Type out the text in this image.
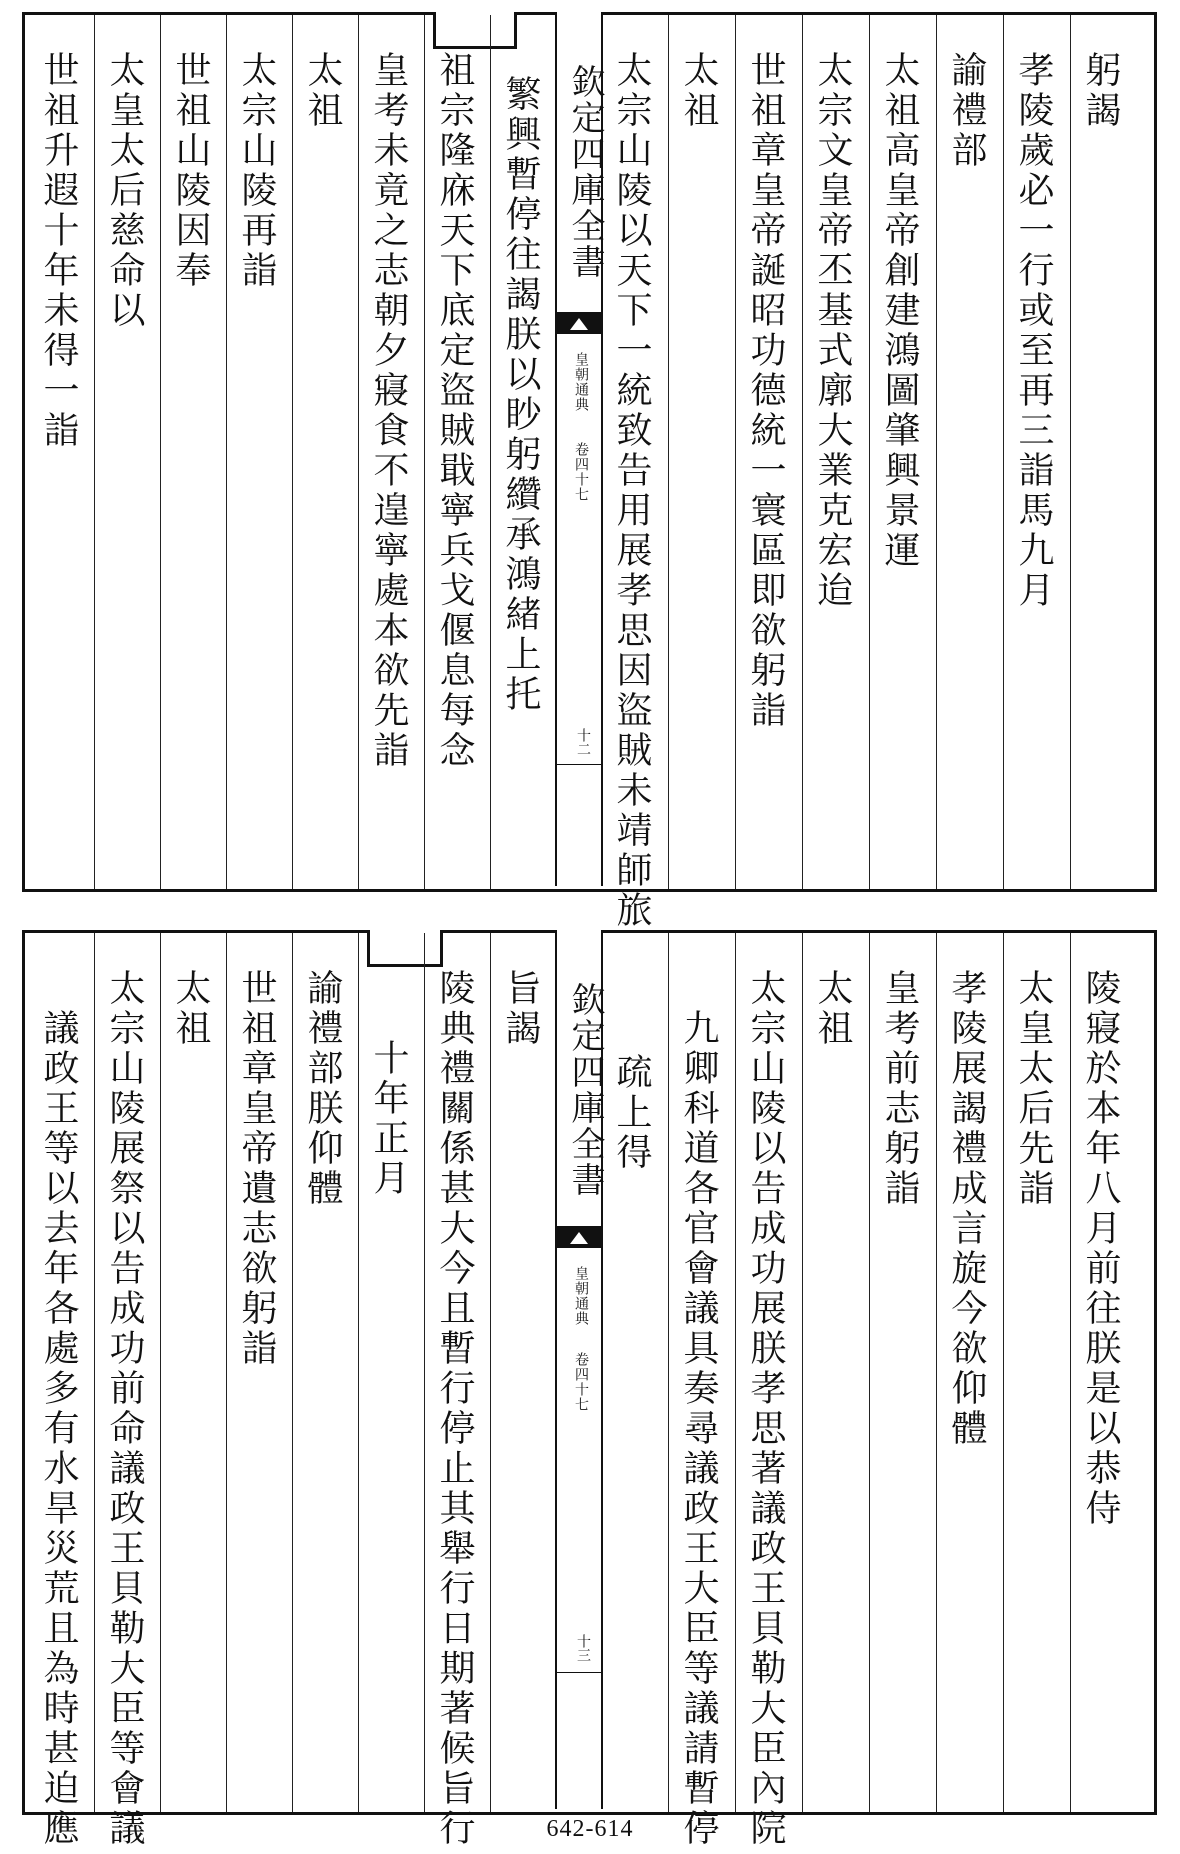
躬謁
孝陵歲必一行或至再三詣馬九月
諭禮部
太祖高皇帝創建鴻圖肇興景運
太宗文皇帝丕基式廓大業克宏迨
世祖章皇帝誕昭功德統一寰區即欲躬詣
太祖
太宗山陵以天下一統致告用展孝思因盜賊未靖師旅
欽定四庫全書
皇朝通典
卷四十七
十二
繁興暫停往謁朕以眇躬纘承鴻緒上托
祖宗隆庥天下底定盜賊戢寧兵戈偃息每念
皇考未竟之志朝夕寢食不遑寧處本欲先詣
太祖
太宗山陵再詣
世祖山陵因奉
太皇太后慈命以
世祖升遐十年未得一詣
陵寢於本年八月前往朕是以恭侍
太皇太后先詣
孝陵展謁禮成言旋今欲仰體
皇考前志躬詣
太祖
太宗山陵以告成功展朕孝思著議政王貝勒大臣內院
九卿科道各官會議具奏尋議政王大臣等議請暫停
疏上得
欽定四庫全書
皇朝通典
卷四十七
十三
旨謁
陵典禮關係甚大今且暫行停止其舉行日期著候旨行
十年正月
諭禮部朕仰體
世祖章皇帝遺志欲躬詣
太祖
太宗山陵展祭以告成功前命議政王貝勒大臣等會議
議政王等以去年各處多有水旱災荒且為時甚迫應	642-614
